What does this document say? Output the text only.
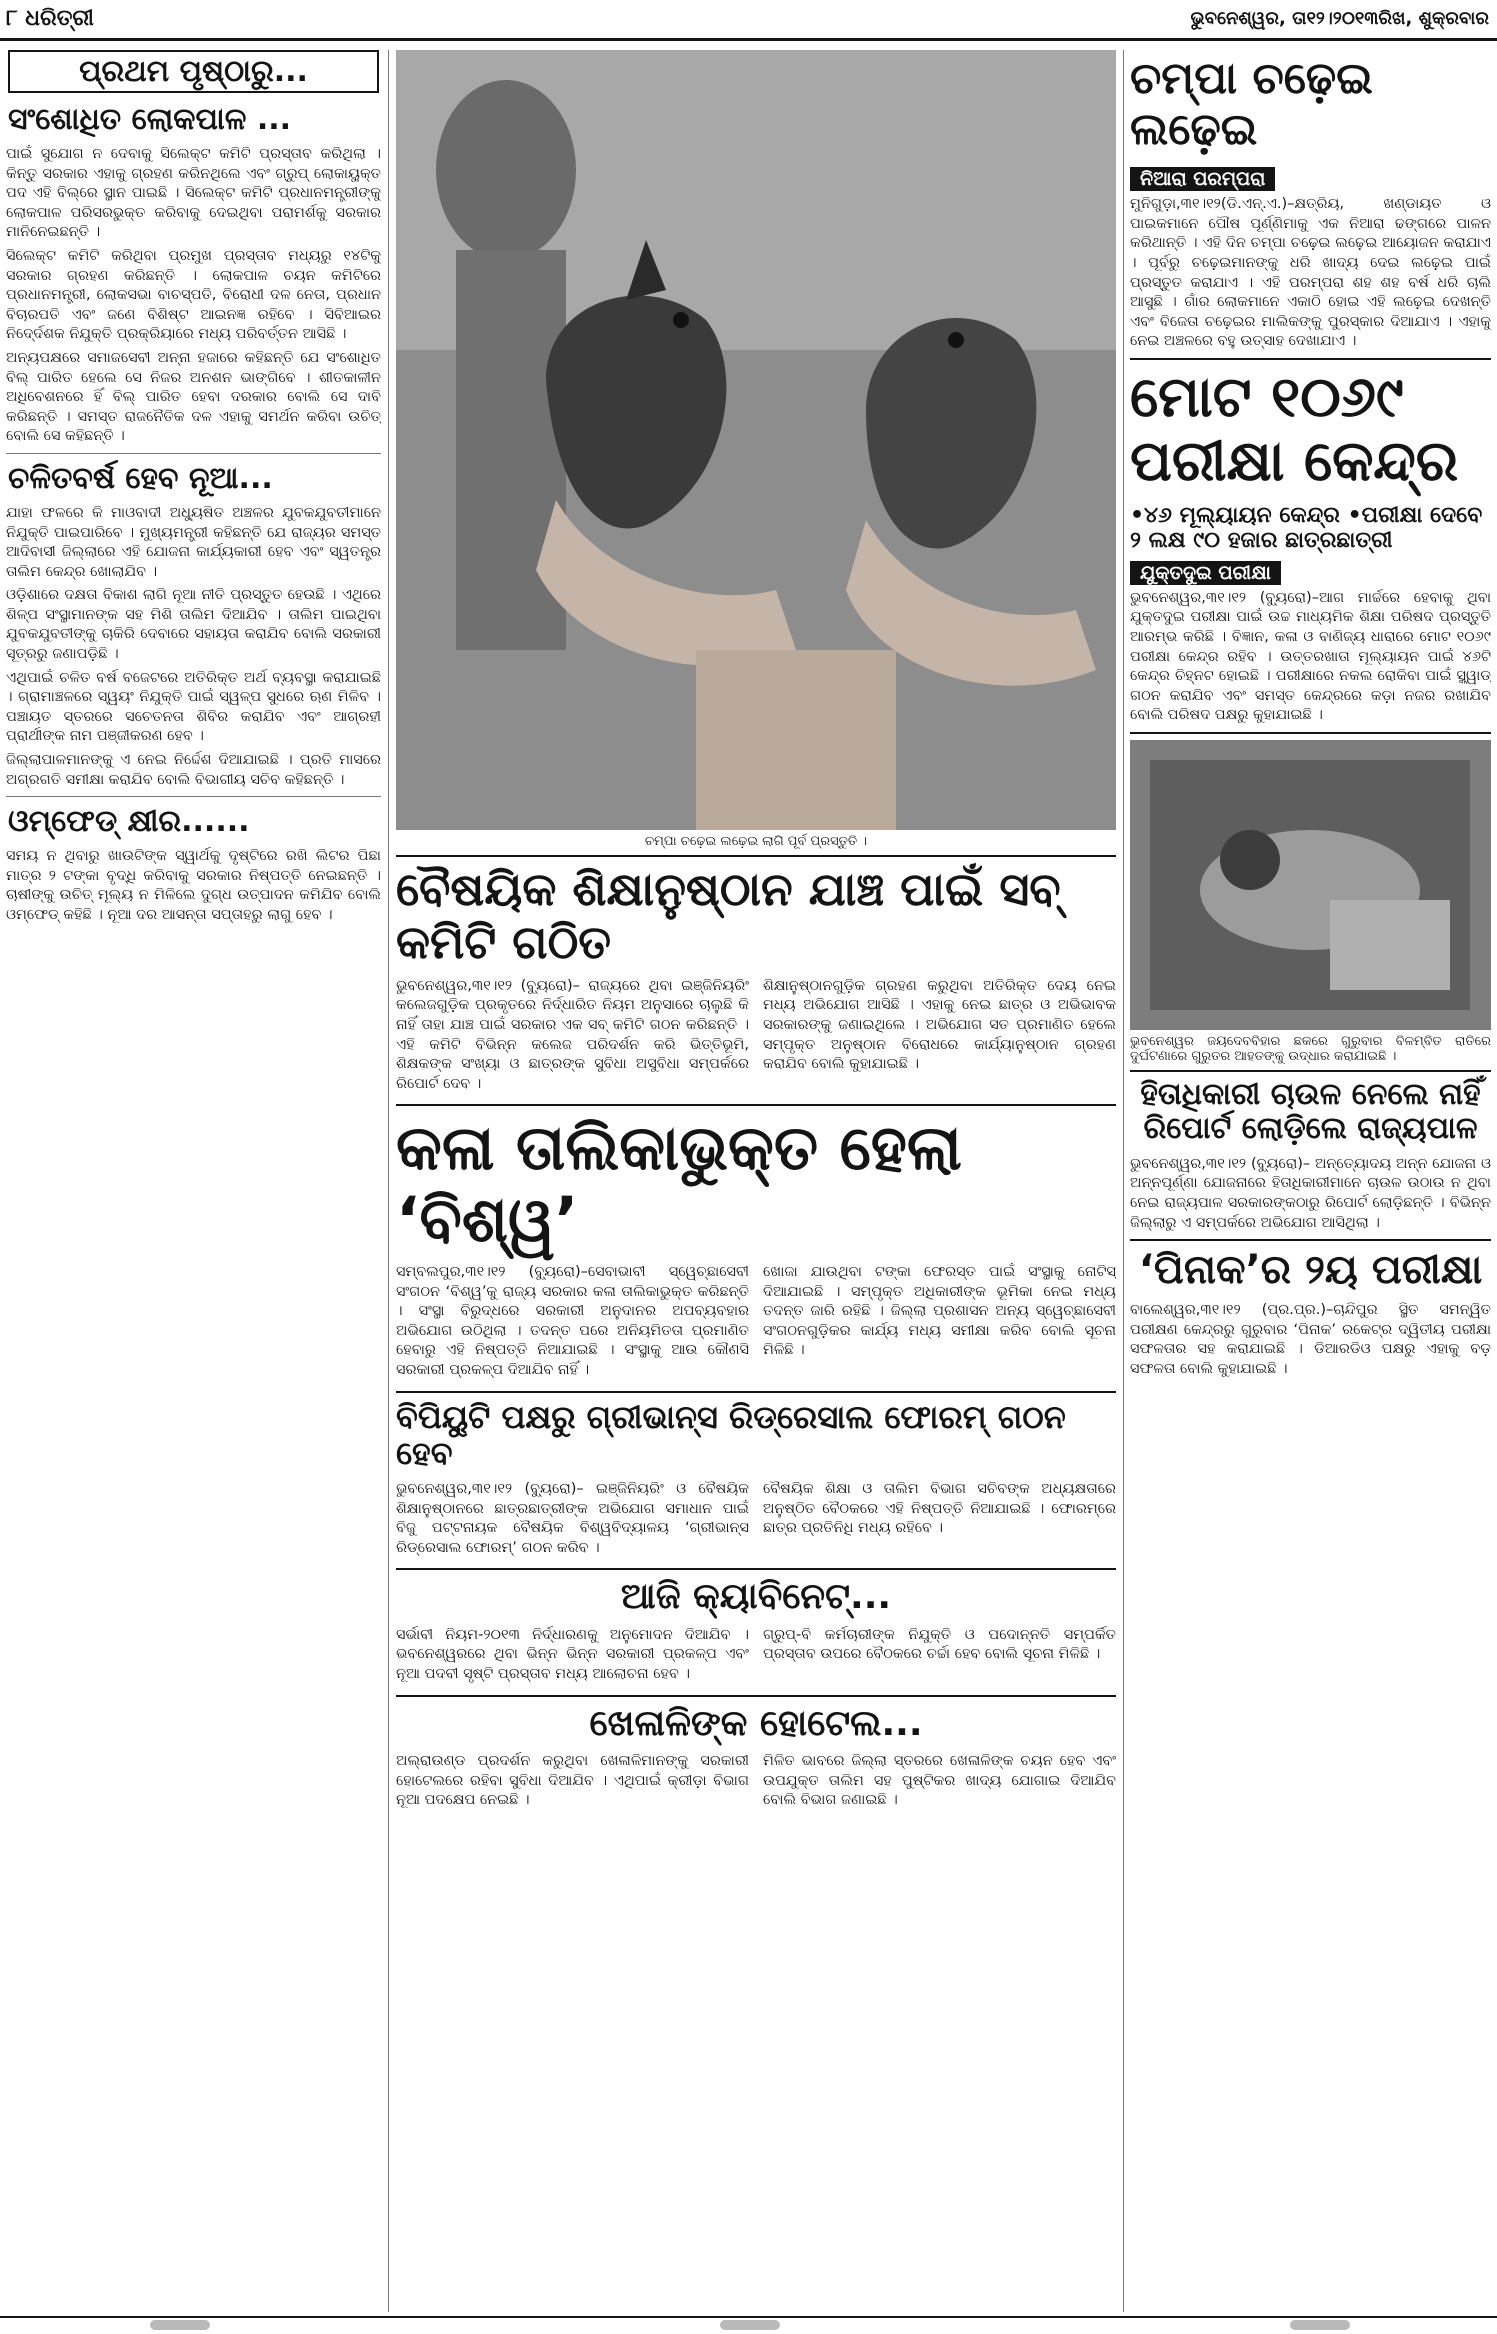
୮ ଧରିତ୍ରୀ	ଭୁବନେଶ୍ୱର, ତା୧୨।୨୦୧୩ରିଖ, ଶୁକ୍ରବାର
ପ୍ରଥମ ପୃଷ୍ଠାରୁ...
ସଂଶୋଧିତ ଲୋକପାଳ ...

ପାଇଁ ସୁଯୋଗ ନ ଦେବାକୁ ସିଲେକ୍ଟ କମିଟି ପ୍ରସ୍ତାବ କରିଥିଲା । କିନ୍ତୁ ସରକାର ଏହାକୁ ଗ୍ରହଣ କରିନଥିଲେ ଏବଂ ଗ୍ରୁପ୍ ଲୋକାୟୁକ୍ତ ପଦ ଏହି ବିଲ୍‌ରେ ସ୍ଥାନ ପାଇଛି । ସିଲେକ୍ଟ କମିଟି ପ୍ରଧାନମନ୍ତ୍ରୀଙ୍କୁ ଲୋକପାଳ ପରିସରଭୁକ୍ତ କରିବାକୁ ଦେଇଥିବା ପରାମର୍ଶକୁ ସରକାର ମାନିନେଇଛନ୍ତି ।

ସିଲେକ୍ଟ କମିଟି କରିଥିବା ପ୍ରମୁଖ ପ୍ରସ୍ତାବ ମଧ୍ୟରୁ ୧୪ଟିକୁ ସରକାର ଗ୍ରହଣ କରିଛନ୍ତି । ଲୋକପାଳ ଚୟନ କମିଟିରେ ପ୍ରଧାନମନ୍ତ୍ରୀ, ଲୋକସଭା ବାଚସ୍ପତି, ବିରୋଧୀ ଦଳ ନେତା, ପ୍ରଧାନ ବିଚାରପତି ଏବଂ ଜଣେ ବିଶିଷ୍ଟ ଆଇନଜ୍ଞ ରହିବେ । ସିବିଆଇର ନିଦେ୍ର୍ଦଶକ ନିଯୁକ୍ତି ପ୍ରକ୍ରିୟାରେ ମଧ୍ୟ ପରିବର୍ତ୍ତନ ଆସିଛି ।

ଅନ୍ୟପକ୍ଷରେ ସମାଜସେବୀ ଅନ୍ନା ହଜାରେ କହିଛନ୍ତି ଯେ ସଂଶୋଧିତ ବିଲ୍ ପାରିତ ହେଲେ ସେ ନିଜର ଅନଶନ ଭାଙ୍ଗିବେ । ଶୀତକାଳୀନ ଅଧିବେଶନରେ ହିଁ ବିଲ୍ ପାରିତ ହେବା ଦରକାର ବୋଲି ସେ ଦାବି କରିଛନ୍ତି । ସମସ୍ତ ରାଜନୈତିକ ଦଳ ଏହାକୁ ସମର୍ଥନ କରିବା ଉଚିତ୍ ବୋଲି ସେ କହିଛନ୍ତି ।

ଚଳିତବର୍ଷ ହେବ ନୂଆ...

ଯାହା ଫଳରେ କି ମାଓବାଦୀ ଅଧ୍ୟୁଷିତ ଅଞ୍ଚଳର ଯୁବକଯୁବତୀମାନେ ନିଯୁକ୍ତି ପାଇପାରିବେ । ମୁଖ୍ୟମନ୍ତ୍ରୀ କହିଛନ୍ତି ଯେ ରାଜ୍ୟର ସମସ୍ତ ଆଦିବାସୀ ଜିଲ୍ଲାରେ ଏହି ଯୋଜନା କାର୍ଯ୍ୟକାରୀ ହେବ ଏବଂ ସ୍ୱତନ୍ତ୍ର ତାଲିମ କେନ୍ଦ୍ର ଖୋଲାଯିବ ।

ଓଡ଼ିଶାରେ ଦକ୍ଷତା ବିକାଶ ଲାଗି ନୂଆ ନୀତି ପ୍ରସ୍ତୁତ ହେଉଛି । ଏଥିରେ ଶିଳ୍ପ ସଂସ୍ଥାମାନଙ୍କ ସହ ମିଶି ତାଲିମ ଦିଆଯିବ । ତାଲିମ ପାଇଥିବା ଯୁବକଯୁବତୀଙ୍କୁ ଚାକିରି ଦେବାରେ ସହାୟତା କରାଯିବ ବୋଲି ସରକାରୀ ସୂତ୍ରରୁ ଜଣାପଡ଼ିଛି ।

ଏଥିପାଇଁ ଚଳିତ ବର୍ଷ ବଜେଟରେ ଅତିରିକ୍ତ ଅର୍ଥ ବ୍ୟବସ୍ଥା କରାଯାଇଛି । ଗ୍ରାମାଞ୍ଚଳରେ ସ୍ୱୟଂ ନିଯୁକ୍ତି ପାଇଁ ସ୍ୱଳ୍ପ ସୁଧରେ ଋଣ ମିଳିବ । ପଞ୍ଚାୟତ ସ୍ତରରେ ସଚେତନତା ଶିବିର କରାଯିବ ଏବଂ ଆଗ୍ରହୀ ପ୍ରାର୍ଥୀଙ୍କ ନାମ ପଞ୍ଜୀକରଣ ହେବ ।

ଜିଲ୍ଲାପାଳମାନଙ୍କୁ ଏ ନେଇ ନିର୍ଦ୍ଦେଶ ଦିଆଯାଇଛି । ପ୍ରତି ମାସରେ ଅଗ୍ରଗତି ସମୀକ୍ଷା କରାଯିବ ବୋଲି ବିଭାଗୀୟ ସଚିବ କହିଛନ୍ତି ।

ଓମ୍‌ଫେଡ୍ କ୍ଷୀର......

ସମୟ ନ ଥିବାରୁ ଖାଉଟିଙ୍କ ସ୍ୱାର୍ଥକୁ ଦୃଷ୍ଟିରେ ରଖି ଲିଟର ପିଛା ମାତ୍ର ୨ ଟଙ୍କା ବୃଦ୍ଧି କରିବାକୁ ସରକାର ନିଷ୍ପତ୍ତି ନେଇଛନ୍ତି । ଚାଷୀଙ୍କୁ ଉଚିତ୍ ମୂଲ୍ୟ ନ ମିଳିଲେ ଦୁଗ୍ଧ ଉତ୍ପାଦନ କମିଯିବ ବୋଲି ଓମ୍‌ଫେଡ୍ କହିଛି । ନୂଆ ଦର ଆସନ୍ତା ସପ୍ତାହରୁ ଲାଗୁ ହେବ ।

ଚମ୍ପା ଚଢ଼େଇ ଲଢ଼େଇ ଲାଗି ପୂର୍ବ ପ୍ରସ୍ତୁତି ।
ବୈଷୟିକ ଶିକ୍ଷାନୁଷ୍ଠାନ ଯାଞ୍ଚ ପାଇଁ ସବ୍ କମିଟି ଗଠିତ

ଭୁବନେଶ୍ୱର,୩୧।୧୨ (ବ୍ୟୁରୋ)– ରାଜ୍ୟରେ ଥିବା ଇଞ୍ଜିନିୟରିଂ କଲେଜଗୁଡ଼ିକ ପ୍ରକୃତରେ ନିର୍ଦ୍ଧାରିତ ନିୟମ ଅନୁସାରେ ଚାଲୁଛି କି ନାହିଁ ତାହା ଯାଞ୍ଚ ପାଇଁ ସରକାର ଏକ ସବ୍ କମିଟି ଗଠନ କରିଛନ୍ତି । ଏହି କମିଟି ବିଭିନ୍ନ କଲେଜ ପରିଦର୍ଶନ କରି ଭିତ୍ତିଭୂମି, ଶିକ୍ଷକଙ୍କ ସଂଖ୍ୟା ଓ ଛାତ୍ରଙ୍କ ସୁବିଧା ଅସୁବିଧା ସମ୍ପର୍କରେ ରିପୋର୍ଟ ଦେବ ।

ଶିକ୍ଷାନୁଷ୍ଠାନଗୁଡ଼ିକ ଗ୍ରହଣ କରୁଥିବା ଅତିରିକ୍ତ ଦେୟ ନେଇ ମଧ୍ୟ ଅଭିଯୋଗ ଆସିଛି । ଏହାକୁ ନେଇ ଛାତ୍ର ଓ ଅଭିଭାବକ ସରକାରଙ୍କୁ ଜଣାଇଥିଲେ । ଅଭିଯୋଗ ସତ ପ୍ରମାଣିତ ହେଲେ ସମ୍ପୃକ୍ତ ଅନୁଷ୍ଠାନ ବିରୋଧରେ କାର୍ଯ୍ୟାନୁଷ୍ଠାନ ଗ୍ରହଣ କରାଯିବ ବୋଲି କୁହାଯାଇଛି ।

କଳା ତାଲିକାଭୁକ୍ତ ହେଲା ‘ବିଶ୍ୱ’

ସମ୍ବଲପୁର,୩୧।୧୨ (ବ୍ୟୁରୋ)–ସେବାଭାବୀ ସ୍ୱେଚ୍ଛାସେବୀ ସଂଗଠନ ‘ବିଶ୍ୱ’କୁ ରାଜ୍ୟ ସରକାର କଳା ତାଲିକାଭୁକ୍ତ କରିଛନ୍ତି । ସଂସ୍ଥା ବିରୁଦ୍ଧରେ ସରକାରୀ ଅନୁଦାନର ଅପବ୍ୟବହାର ଅଭିଯୋଗ ଉଠିଥିଲା । ତଦନ୍ତ ପରେ ଅନିୟମିତତା ପ୍ରମାଣିତ ହେବାରୁ ଏହି ନିଷ୍ପତ୍ତି ନିଆଯାଇଛି । ସଂସ୍ଥାକୁ ଆଉ କୌଣସି ସରକାରୀ ପ୍ରକଳ୍ପ ଦିଆଯିବ ନାହିଁ ।

ଖୋଜା ଯାଉଥିବା ଟଙ୍କା ଫେରସ୍ତ ପାଇଁ ସଂସ୍ଥାକୁ ନୋଟିସ୍ ଦିଆଯାଇଛି । ସମ୍ପୃକ୍ତ ଅଧିକାରୀଙ୍କ ଭୂମିକା ନେଇ ମଧ୍ୟ ତଦନ୍ତ ଜାରି ରହିଛି । ଜିଲ୍ଲା ପ୍ରଶାସନ ଅନ୍ୟ ସ୍ୱେଚ୍ଛାସେବୀ ସଂଗଠନଗୁଡ଼ିକର କାର୍ଯ୍ୟ ମଧ୍ୟ ସମୀକ୍ଷା କରିବ ବୋଲି ସୂଚନା ମିଳିଛି ।

ବିପିୟୁଟି ପକ୍ଷରୁ ଗ୍ରୀଭାନ୍ସ ରିଡ୍ରେସାଲ ଫୋରମ୍ ଗଠନ ହେବ

ଭୁବନେଶ୍ୱର,୩୧।୧୨ (ବ୍ୟୁରୋ)– ଇଞ୍ଜିନିୟରିଂ ଓ ବୈଷୟିକ ଶିକ୍ଷାନୁଷ୍ଠାନରେ ଛାତ୍ରଛାତ୍ରୀଙ୍କ ଅଭିଯୋଗ ସମାଧାନ ପାଇଁ ବିଜୁ ପଟ୍ଟନାୟକ ବୈଷୟିକ ବିଶ୍ୱବିଦ୍ୟାଳୟ ‘ଗ୍ରୀଭାନ୍ସ ରିଡ୍ରେସାଲ ଫୋରମ୍’ ଗଠନ କରିବ ।

ବୈଷୟିକ ଶିକ୍ଷା ଓ ତାଲିମ ବିଭାଗ ସଚିବଙ୍କ ଅଧ୍ୟକ୍ଷତାରେ ଅନୁଷ୍ଠିତ ବୈଠକରେ ଏହି ନିଷ୍ପତ୍ତି ନିଆଯାଇଛି । ଫୋରମ୍‌ରେ ଛାତ୍ର ପ୍ରତିନିଧି ମଧ୍ୟ ରହିବେ ।

ଆଜି କ୍ୟାବିନେଟ୍...

ସର୍ଭାବୀ ନିୟମ-୨୦୧୩ ନିର୍ଦ୍ଧାରଣକୁ ଅନୁମୋଦନ ଦିଆଯିବ । ଭବନେଶ୍ୱରରେ ଥିବା ଭିନ୍ନ ଭିନ୍ନ ସରକାରୀ ପ୍ରକଳ୍ପ ଏବଂ ନୂଆ ପଦବୀ ସୃଷ୍ଟି ପ୍ରସ୍ତାବ ମଧ୍ୟ ଆଲୋଚନା ହେବ ।

ଗ୍ରୁପ୍-ବି କର୍ମଚାରୀଙ୍କ ନିଯୁକ୍ତି ଓ ପଦୋନ୍ନତି ସମ୍ପର୍କିତ ପ୍ରସ୍ତାବ ଉପରେ ବୈଠକରେ ଚର୍ଚ୍ଚା ହେବ ବୋଲି ସୂଚନା ମିଳିଛି ।

ଖେଳାଳିଙ୍କ ହୋଟେଲ...

ଅଲ୍‌ରାଉଣ୍ଡ ପ୍ରଦର୍ଶନ କରୁଥିବା ଖେଳାଳିମାନଙ୍କୁ ସରକାରୀ ହୋଟେଲରେ ରହିବା ସୁବିଧା ଦିଆଯିବ । ଏଥିପାଇଁ କ୍ରୀଡ଼ା ବିଭାଗ ନୂଆ ପଦକ୍ଷେପ ନେଇଛି ।

ମିଳିତ ଭାବରେ ଜିଲ୍ଲା ସ୍ତରରେ ଖେଳାଳିଙ୍କ ଚୟନ ହେବ ଏବଂ ଉପଯୁକ୍ତ ତାଲିମ ସହ ପୁଷ୍ଟିକର ଖାଦ୍ୟ ଯୋଗାଇ ଦିଆଯିବ ବୋଲି ବିଭାଗ ଜଣାଇଛି ।

ଚମ୍ପା ଚଢ଼େଇ ଲଢ଼େଇ
ନିଆରା ପରମ୍ପରା

ମୁନିଗୁଡ଼ା,୩୧।୧୨(ଡି.ଏନ୍.ଏ.)–କ୍ଷତ୍ରିୟ, ଖଣ୍ଡାୟତ ଓ ପାଇକମାନେ ପୌଷ ପୂର୍ଣ୍ଣିମାକୁ ଏକ ନିଆରା ଢଙ୍ଗରେ ପାଳନ କରିଥାନ୍ତି । ଏହି ଦିନ ଚମ୍ପା ଚଢ଼େଇ ଲଢ଼େଇ ଆୟୋଜନ କରାଯାଏ । ପୂର୍ବରୁ ଚଢ଼େଇମାନଙ୍କୁ ଧରି ଖାଦ୍ୟ ଦେଇ ଲଢ଼େଇ ପାଇଁ ପ୍ରସ୍ତୁତ କରାଯାଏ । ଏହି ପରମ୍ପରା ଶହ ଶହ ବର୍ଷ ଧରି ଚାଲି ଆସୁଛି । ଗାଁର ଲୋକମାନେ ଏକାଠି ହୋଇ ଏହି ଲଢ଼େଇ ଦେଖନ୍ତି ଏବଂ ବିଜେତା ଚଢ଼େଇର ମାଲିକଙ୍କୁ ପୁରସ୍କାର ଦିଆଯାଏ । ଏହାକୁ ନେଇ ଅଞ୍ଚଳରେ ବହୁ ଉତ୍ସାହ ଦେଖାଯାଏ ।

ମୋଟ ୧୦୬୯ ପରୀକ୍ଷା କେନ୍ଦ୍ର
•୪୬ ମୂଲ୍ୟାୟନ କେନ୍ଦ୍ର •ପରୀକ୍ଷା ଦେବେ ୨ ଲକ୍ଷ ୯୦ ହଜାର ଛାତ୍ରଛାତ୍ରୀ
ଯୁକ୍ତଦୁଇ ପରୀକ୍ଷା

ଭୁବନେଶ୍ୱର,୩୧।୧୨ (ବ୍ୟୁରୋ)–ଆଗ ମାର୍ଚ୍ଚରେ ହେବାକୁ ଥିବା ଯୁକ୍ତଦୁଇ ପରୀକ୍ଷା ପାଇଁ ଉଚ୍ଚ ମାଧ୍ୟମିକ ଶିକ୍ଷା ପରିଷଦ ପ୍ରସ୍ତୁତି ଆରମ୍ଭ କରିଛି । ବିଜ୍ଞାନ, କଳା ଓ ବାଣିଜ୍ୟ ଧାରାରେ ମୋଟ ୧୦୬୯ ପରୀକ୍ଷା କେନ୍ଦ୍ର ରହିବ । ଉତ୍ତରଖାତା ମୂଲ୍ୟାୟନ ପାଇଁ ୪୬ଟି କେନ୍ଦ୍ର ଚିହ୍ନଟ ହୋଇଛି । ପରୀକ୍ଷାରେ ନକଲ ରୋକିବା ପାଇଁ ସ୍କ୍ୱାଡ୍ ଗଠନ କରାଯିବ ଏବଂ ସମସ୍ତ କେନ୍ଦ୍ରରେ କଡ଼ା ନଜର ରଖାଯିବ ବୋଲି ପରିଷଦ ପକ୍ଷରୁ କୁହାଯାଇଛି ।

ଭୁବନେଶ୍ୱର ଜୟଦେବବିହାର ଛକରେ ଗୁରୁବାର ବିଳମ୍ବିତ ରାତିରେ ଦୁର୍ଘଟଣାରେ ଗୁରୁତର ଆହତଙ୍କୁ ଉଦ୍ଧାର କରାଯାଇଛି ।
ହିତାଧିକାରୀ ଚାଉଳ ନେଲେ ନାହିଁ ରିପୋର୍ଟ ଲୋଡ଼ିଲେ ରାଜ୍ୟପାଳ

ଭୁବନେଶ୍ୱର,୩୧।୧୨ (ବ୍ୟୁରୋ)– ଅନ୍ତ୍ୟୋଦୟ ଅନ୍ନ ଯୋଜନା ଓ ଅନ୍ନପୂର୍ଣ୍ଣା ଯୋଜନାରେ ହିତାଧିକାରୀମାନେ ଚାଉଳ ଉଠାଉ ନ ଥିବା ନେଇ ରାଜ୍ୟପାଳ ସରକାରଙ୍କଠାରୁ ରିପୋର୍ଟ ଲୋଡ଼ିଛନ୍ତି । ବିଭିନ୍ନ ଜିଲ୍ଲାରୁ ଏ ସମ୍ପର୍କରେ ଅଭିଯୋଗ ଆସିଥିଲା ।

‘ପିନାକ’ର ୨ୟ ପରୀକ୍ଷା

ବାଲେଶ୍ୱର,୩୧।୧୨ (ପ୍ର.ପ୍ର.)–ଚାନ୍ଦିପୁର ସ୍ଥିତ ସମନ୍ୱିତ ପରୀକ୍ଷଣ କେନ୍ଦ୍ରରୁ ଗୁରୁବାର ‘ପିନାକ’ ରକେଟ୍‌ର ଦ୍ୱିତୀୟ ପରୀକ୍ଷା ସଫଳତାର ସହ କରାଯାଇଛି । ଡିଆରଡିଓ ପକ୍ଷରୁ ଏହାକୁ ବଡ଼ ସଫଳତା ବୋଲି କୁହାଯାଇଛି ।
